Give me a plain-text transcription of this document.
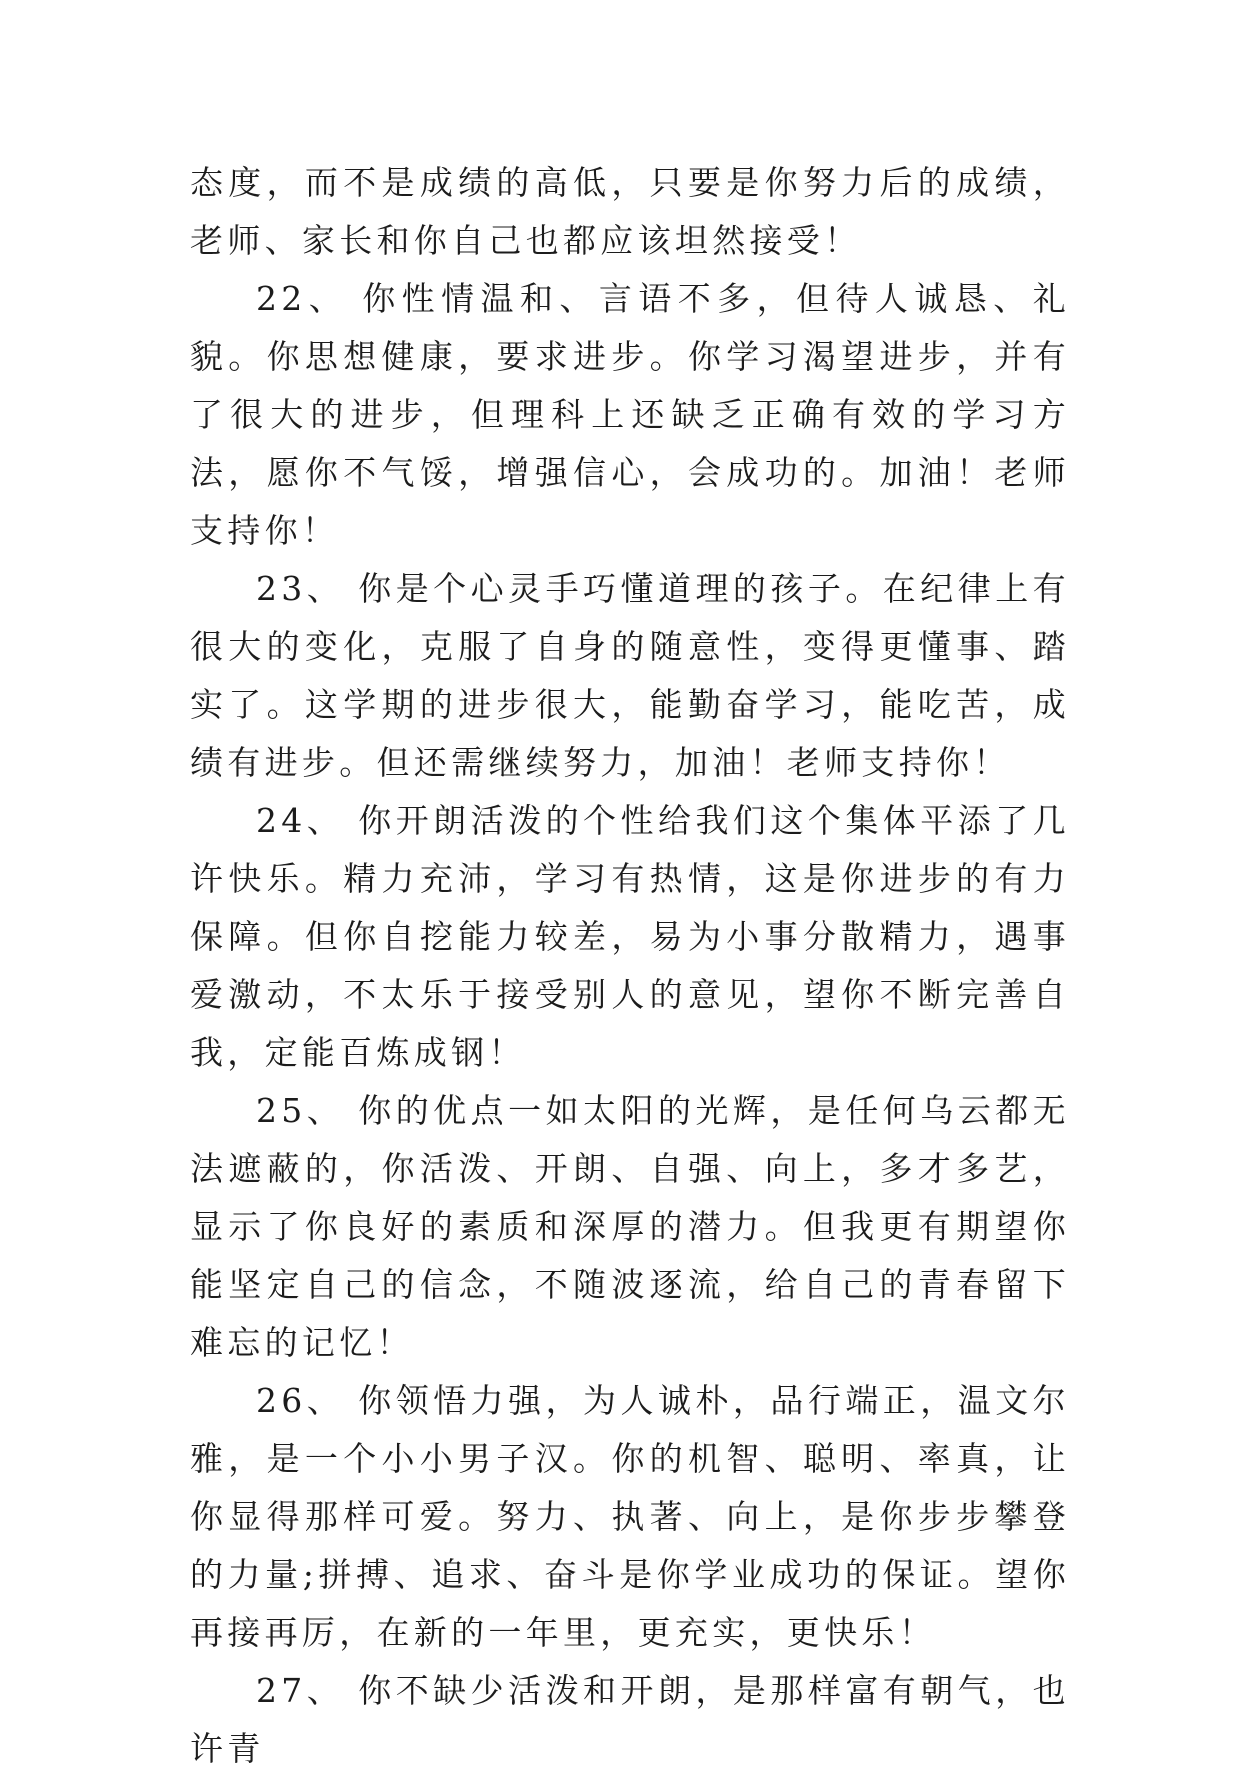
态度，而不是成绩的高低，只要是你努力后的成绩，老师、家长和你自己也都应该坦然接受！

22、 你性情温和、言语不多，但待人诚恳、礼貌。你思想健康，要求进步。你学习渴望进步，并有了很大的进步，但理科上还缺乏正确有效的学习方法，愿你不气馁，增强信心，会成功的。加油！老师支持你！

23、 你是个心灵手巧懂道理的孩子。在纪律上有很大的变化，克服了自身的随意性，变得更懂事、踏实了。这学期的进步很大，能勤奋学习，能吃苦，成绩有进步。但还需继续努力，加油！老师支持你！

24、 你开朗活泼的个性给我们这个集体平添了几许快乐。精力充沛，学习有热情，这是你进步的有力保障。但你自挖能力较差，易为小事分散精力，遇事爱激动，不太乐于接受别人的意见，望你不断完善自我，定能百炼成钢！

25、 你的优点一如太阳的光辉，是任何乌云都无法遮蔽的，你活泼、开朗、自强、向上，多才多艺，显示了你良好的素质和深厚的潜力。但我更有期望你能坚定自己的信念，不随波逐流，给自己的青春留下难忘的记忆！

26、 你领悟力强，为人诚朴，品行端正，温文尔雅，是一个小小男子汉。你的机智、聪明、率真，让你显得那样可爱。努力、执著、向上，是你步步攀登的力量;拼搏、追求、奋斗是你学业成功的保证。望你再接再厉，在新的一年里，更充实，更快乐！

27、 你不缺少活泼和开朗，是那样富有朝气，也许青
